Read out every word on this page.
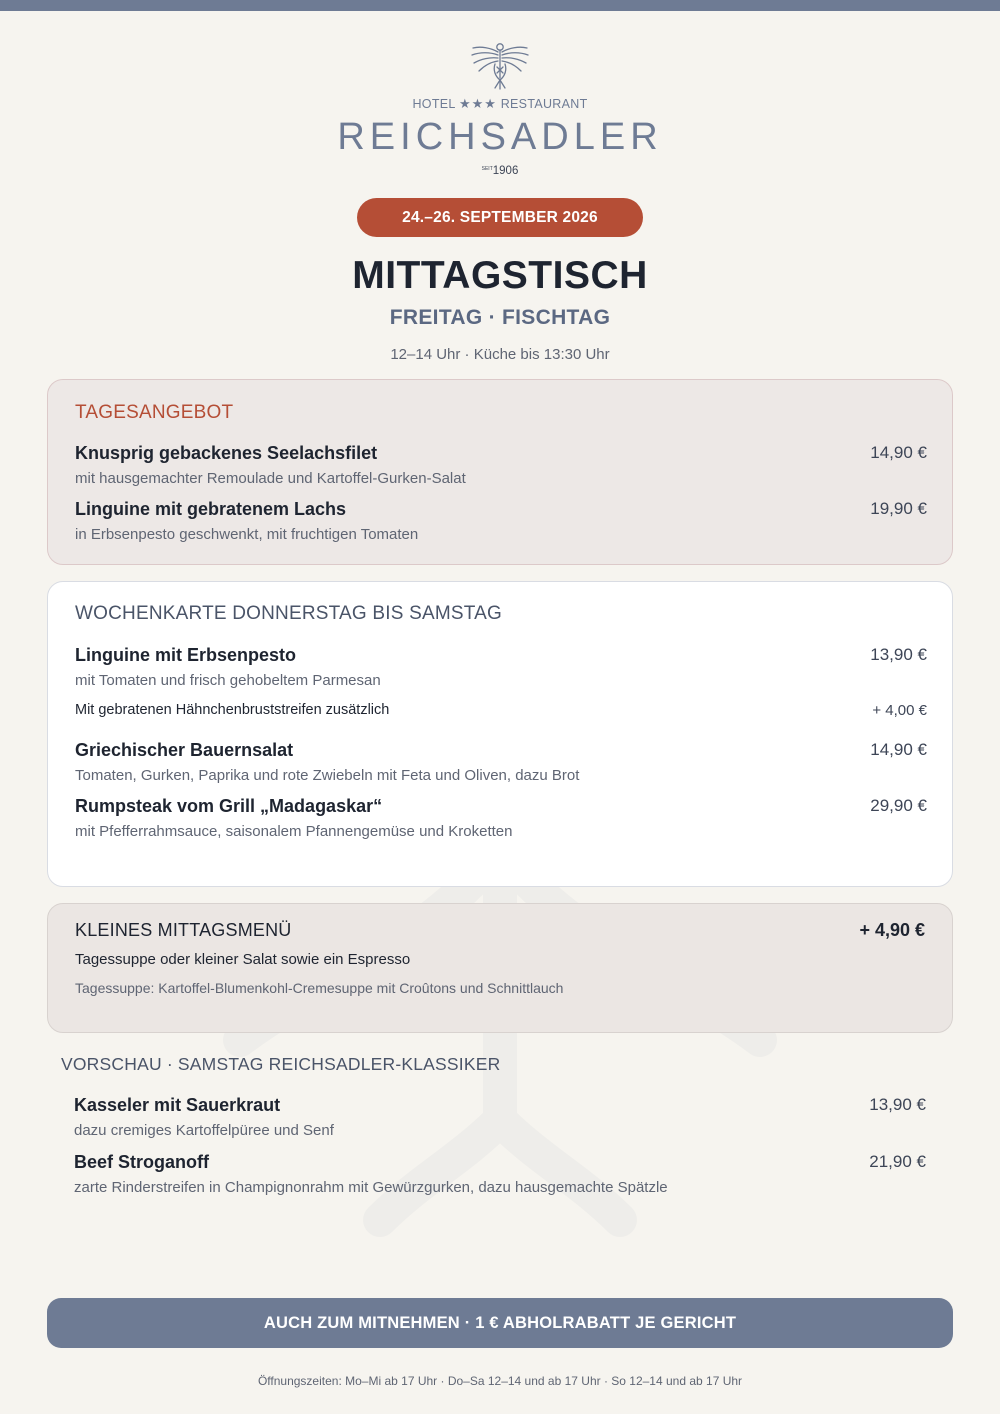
HOTEL ★★★ RESTAURANT
REICHSADLER
$^{SEIT}$1906
24.–26. SEPTEMBER 2026
MITTAGSTISCH
FREITAG · FISCHTAG
12–14 Uhr · Küche bis 13:30 Uhr
TAGESANGEBOT
Knusprig gebackenes Seelachsfilet
mit hausgemachter Remoulade und Kartoffel-Gurken-Salat
14,90 €
Linguine mit gebratenem Lachs
in Erbsenpesto geschwenkt, mit fruchtigen Tomaten
19,90 €
WOCHENKARTE DONNERSTAG BIS SAMSTAG
Linguine mit Erbsenpesto
mit Tomaten und frisch gehobeltem Parmesan
13,90 €
Mit gebratenen Hähnchenbruststreifen zusätzlich	+ 4,00 €
Griechischer Bauernsalat
Tomaten, Gurken, Paprika und rote Zwiebeln mit Feta und Oliven, dazu Brot
14,90 €
Rumpsteak vom Grill „Madagaskar“
mit Pfefferrahmsauce, saisonalem Pfannengemüse und Kroketten
29,90 €
KLEINES MITTAGSMENÜ	+ 4,90 €
Tagessuppe oder kleiner Salat sowie ein Espresso
Tagessuppe: Kartoffel-Blumenkohl-Cremesuppe mit Croûtons und Schnittlauch
VORSCHAU · SAMSTAG REICHSADLER-KLASSIKER
Kasseler mit Sauerkraut
dazu cremiges Kartoffelpüree und Senf
13,90 €
Beef Stroganoff
zarte Rinderstreifen in Champignonrahm mit Gewürzgurken, dazu hausgemachte Spätzle
21,90 €
AUCH ZUM MITNEHMEN · 1 € ABHOLRABATT JE GERICHT
Öffnungszeiten: Mo–Mi ab 17 Uhr · Do–Sa 12–14 und ab 17 Uhr · So 12–14 und ab 17 Uhr
